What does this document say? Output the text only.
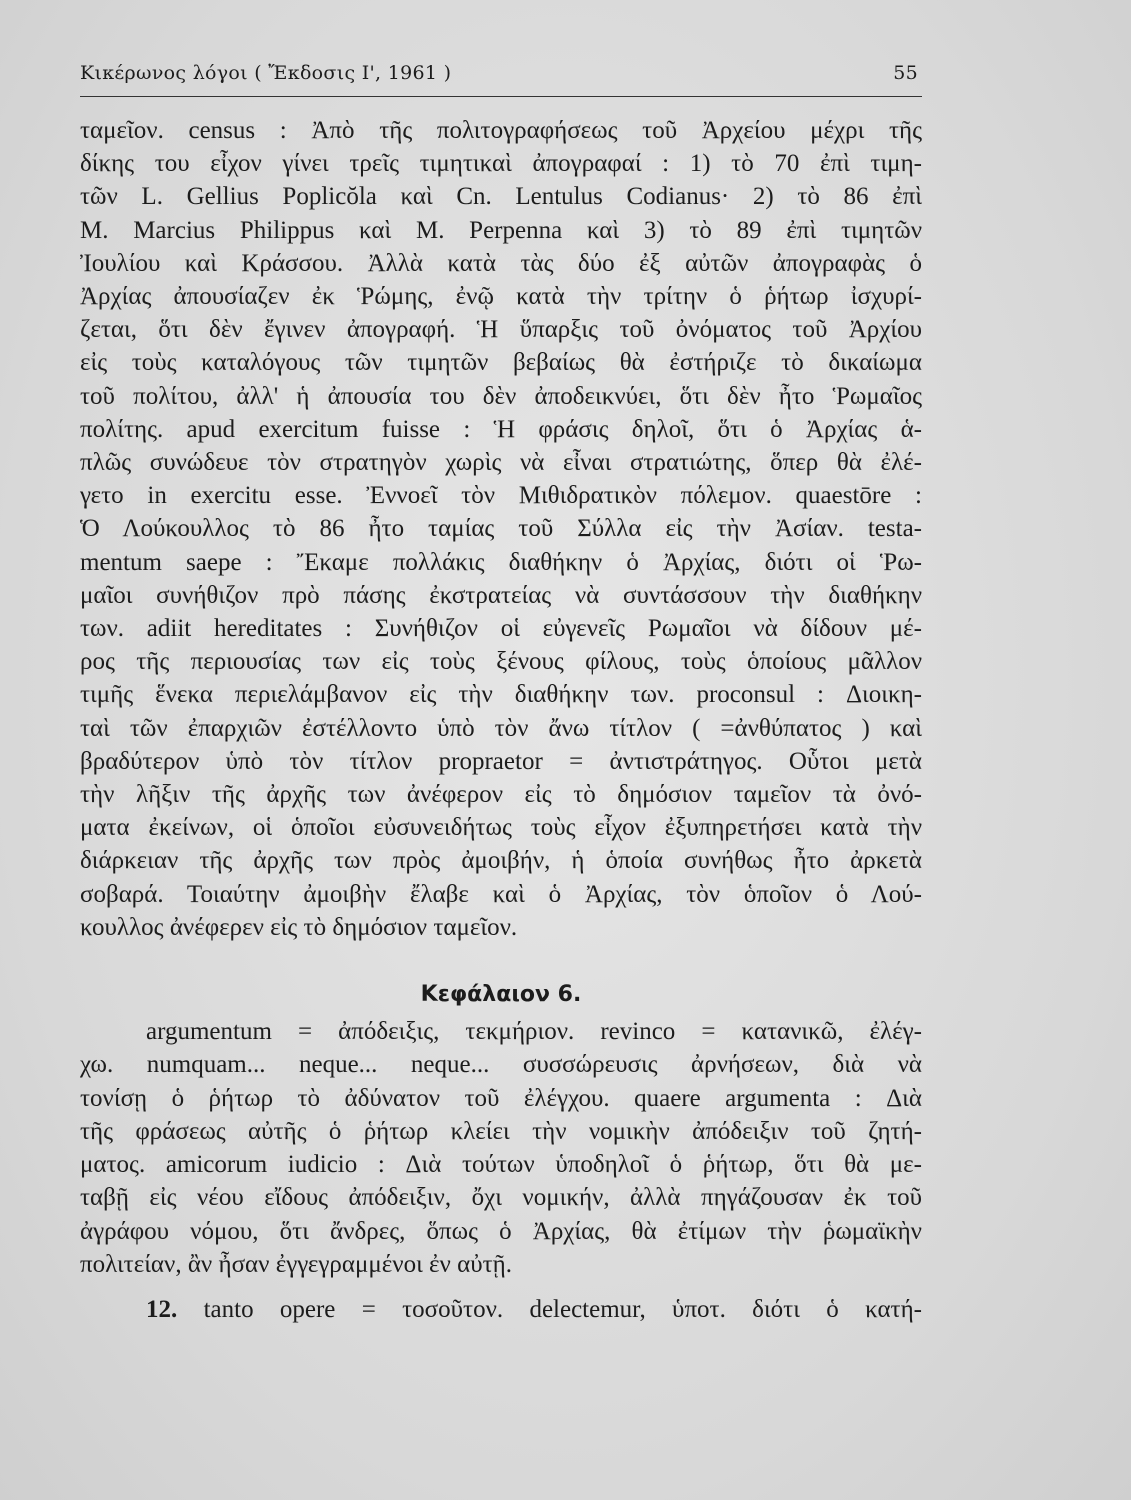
Κικέρωνος λόγοι ( Ἔκδοσις Ι', 1961 )	55
ταμεῖον. census : Ἀπὸ τῆς πολιτογραφήσεως τοῦ Ἀρχείου μέχρι τῆς
δίκης του εἶχον γίνει τρεῖς τιμητικαὶ ἀπογραφαί : 1) τὸ 70 ἐπὶ τιμη-
τῶν L. Gellius Poplicŏla καὶ Cn. Lentulus Codianus· 2) τὸ 86 ἐπὶ
M. Marcius Philippus καὶ M. Perpenna καὶ 3) τὸ 89 ἐπὶ τιμητῶν
Ἰουλίου καὶ Κράσσου. Ἀλλὰ κατὰ τὰς δύο ἐξ αὐτῶν ἀπογραφὰς ὁ
Ἀρχίας ἀπουσίαζεν ἐκ Ῥώμης, ἐνῷ κατὰ τὴν τρίτην ὁ ῥήτωρ ἰσχυρί-
ζεται, ὅτι δὲν ἔγινεν ἀπογραφή. Ἡ ὕπαρξις τοῦ ὀνόματος τοῦ Ἀρχίου
εἰς τοὺς καταλόγους τῶν τιμητῶν βεβαίως θὰ ἐστήριζε τὸ δικαίωμα
τοῦ πολίτου, ἀλλ' ἡ ἀπουσία του δὲν ἀποδεικνύει, ὅτι δὲν ἦτο Ῥωμαῖος
πολίτης. apud exercitum fuisse : Ἡ φράσις δηλοῖ, ὅτι ὁ Ἀρχίας ἁ-
πλῶς συνώδευε τὸν στρατηγὸν χωρὶς νὰ εἶναι στρατιώτης, ὅπερ θὰ ἐλέ-
γετο in exercitu esse. Ἐννοεῖ τὸν Μιθιδρατικὸν πόλεμον. quaestōre :
Ὁ Λούκουλλος τὸ 86 ἦτο ταμίας τοῦ Σύλλα εἰς τὴν Ἀσίαν. testa-
mentum saepe : Ἔκαμε πολλάκις διαθήκην ὁ Ἀρχίας, διότι οἱ Ῥω-
μαῖοι συνήθιζον πρὸ πάσης ἐκστρατείας νὰ συντάσσουν τὴν διαθήκην
των. adiit hereditates : Συνήθιζον οἱ εὐγενεῖς Ρωμαῖοι νὰ δίδουν μέ-
ρος τῆς περιουσίας των εἰς τοὺς ξένους φίλους, τοὺς ὁποίους μᾶλλον
τιμῆς ἕνεκα περιελάμβανον εἰς τὴν διαθήκην των. proconsul : Διοικη-
ταὶ τῶν ἐπαρχιῶν ἐστέλλοντο ὑπὸ τὸν ἄνω τίτλον ( =ἀνθύπατος ) καὶ
βραδύτερον ὑπὸ τὸν τίτλον propraetor = ἀντιστράτηγος. Οὗτοι μετὰ
τὴν λῆξιν τῆς ἀρχῆς των ἀνέφερον εἰς τὸ δημόσιον ταμεῖον τὰ ὀνό-
ματα ἐκείνων, οἱ ὁποῖοι εὐσυνειδήτως τοὺς εἶχον ἐξυπηρετήσει κατὰ τὴν
διάρκειαν τῆς ἀρχῆς των πρὸς ἀμοιβήν, ἡ ὁποία συνήθως ἦτο ἀρκετὰ
σοβαρά. Τοιαύτην ἀμοιβὴν ἔλαβε καὶ ὁ Ἀρχίας, τὸν ὁποῖον ὁ Λού-
κουλλος ἀνέφερεν εἰς τὸ δημόσιον ταμεῖον.
Κεφάλαιον 6.
argumentum = ἀπόδειξις, τεκμήριον. revinco = κατανικῶ, ἐλέγ-
χω. numquam... neque... neque... συσσώρευσις ἀρνήσεων, διὰ νὰ
τονίσῃ ὁ ῥήτωρ τὸ ἀδύνατον τοῦ ἐλέγχου. quaere argumenta : Διὰ
τῆς φράσεως αὐτῆς ὁ ῥήτωρ κλείει τὴν νομικὴν ἀπόδειξιν τοῦ ζητή-
ματος. amicorum iudicio : Διὰ τούτων ὑποδηλοῖ ὁ ῥήτωρ, ὅτι θὰ με-
ταβῇ εἰς νέου εἴδους ἀπόδειξιν, ὄχι νομικήν, ἀλλὰ πηγάζουσαν ἐκ τοῦ
ἀγράφου νόμου, ὅτι ἄνδρες, ὅπως ὁ Ἀρχίας, θὰ ἐτίμων τὴν ῥωμαϊκὴν
πολιτείαν, ἂν ἦσαν ἐγγεγραμμένοι ἐν αὐτῇ.
12. tanto opere = τοσοῦτον. delectemur, ὑποτ. διότι ὁ κατή-
